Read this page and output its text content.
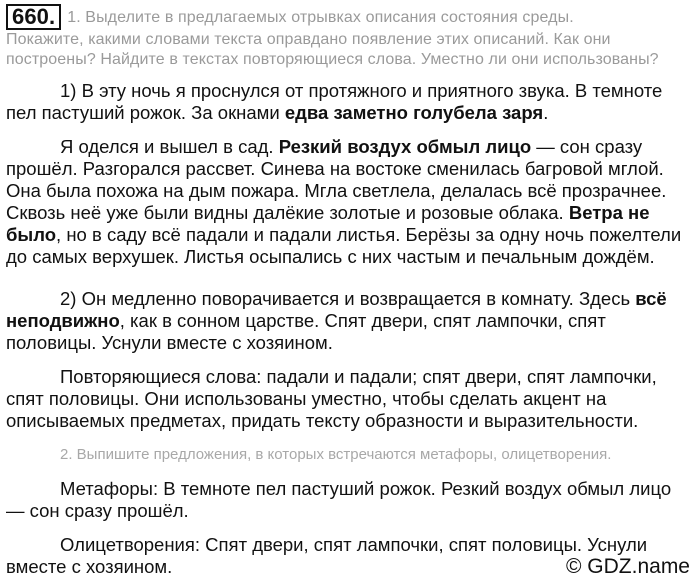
660. 1. Выделите в предлагаемых отрывках описания состояния среды.
Покажите, какими словами текста оправдано появление этих описаний. Как они
построены? Найдите в текстах повторяющиеся слова. Уместно ли они использованы?
1) В эту ночь я проснулся от протяжного и приятного звука. В темноте
пел пастуший рожок. За окнами едва заметно голубела заря.
Я оделся и вышел в сад. Резкий воздух обмыл лицо — сон сразу
прошёл. Разгорался рассвет. Синева на востоке сменилась багровой мглой.
Она была похожа на дым пожара. Мгла светлела, делалась всё прозрачнее.
Сквозь неё уже были видны далёкие золотые и розовые облака. Ветра не
было, но в саду всё падали и падали листья. Берёзы за одну ночь пожелтели
до самых верхушек. Листья осыпались с них частым и печальным дождём.
2) Он медленно поворачивается и возвращается в комнату. Здесь всё
неподвижно, как в сонном царстве. Спят двери, спят лампочки, спят
половицы. Уснули вместе с хозяином.
Повторяющиеся слова: падали и падали; спят двери, спят лампочки,
спят половицы. Они использованы уместно, чтобы сделать акцент на
описываемых предметах, придать тексту образности и выразительности.
2. Выпишите предложения, в которых встречаются метафоры, олицетворения.
Метафоры: В темноте пел пастуший рожок. Резкий воздух обмыл лицо
— сон сразу прошёл.
Олицетворения: Спят двери, спят лампочки, спят половицы. Уснули
вместе с хозяином.	© GDZ.name
